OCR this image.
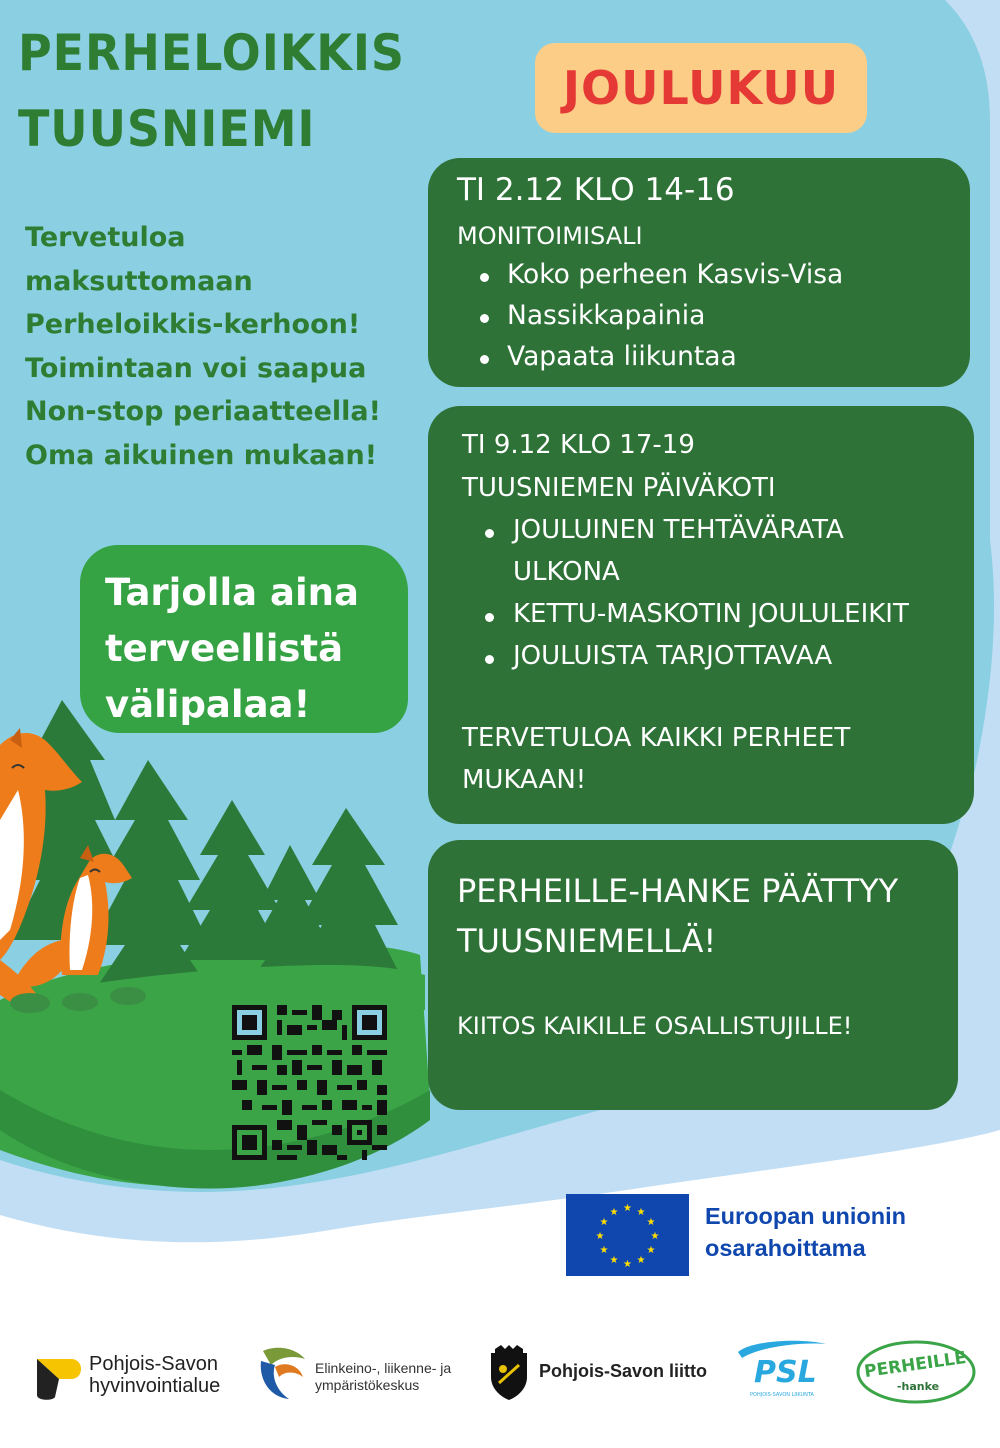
PERHELOIKKIS
TUUSNIEMI
JOULUKUU
Tervetuloa
maksuttomaan
Perheloikkis-kerhoon!
Toimintaan voi saapua
Non-stop periaatteella!
Oma aikuinen mukaan!
TI 2.12 KLO 14-16
MONITOIMISALI
Koko perheen Kasvis-Visa
Nassikkapainia
Vapaata liikuntaa
TI 9.12 KLO 17-19
TUUSNIEMEN PÄIVÄKOTI
JOULUINEN TEHTÄVÄRATA
ULKONA
KETTU-MASKOTIN JOULULEIKIT
JOULUISTA TARJOTTAVAA
TERVETULOA KAIKKI PERHEET
MUKAAN!
PERHEILLE-HANKE PÄÄTTYY
TUUSNIEMELLÄ!
KIITOS KAIKILLE OSALLISTUJILLE!
Tarjolla aina
terveellistä
välipalaa!
★ ★
★
★
★
★
★
★
★
★
★
★	Euroopan unionin
osarahoittama
Pohjois-Savon
hyvinvointialue
Elinkeino-, liikenne- ja
ympäristökeskus
Pohjois-Savon liitto PSL
POHJOIS-SAVON LIIKUNTA
PERHEILLE
-hanke
